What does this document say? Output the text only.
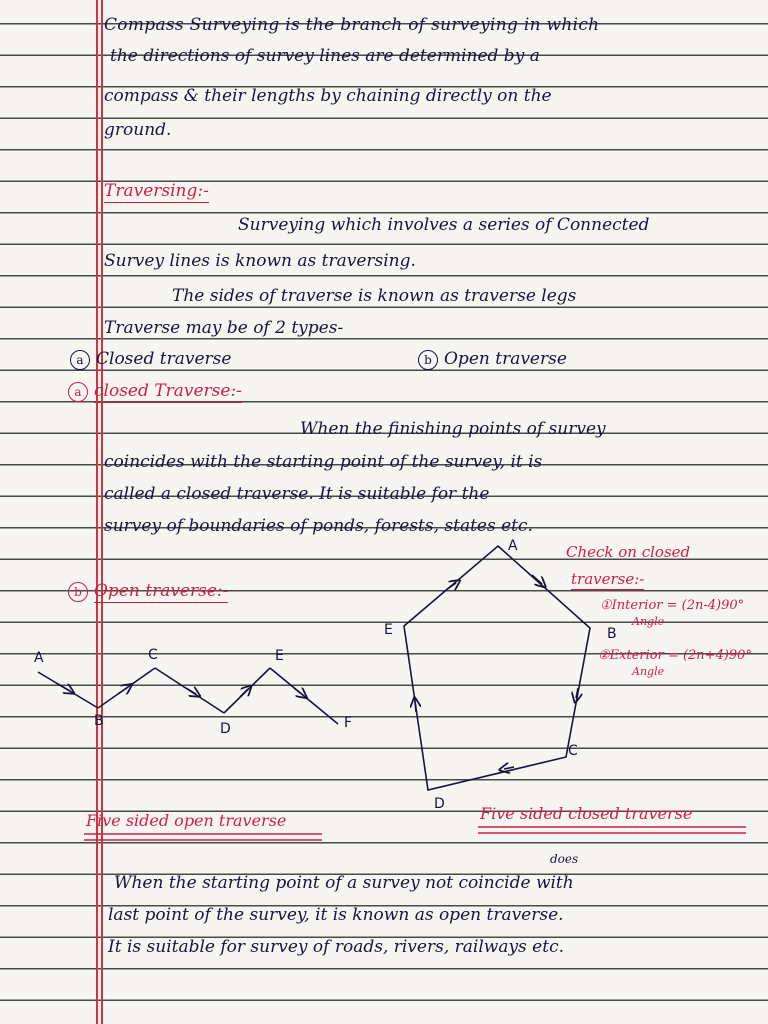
Compass Surveying is the branch of surveying in which
the directions of survey lines are determined by a
compass & their lengths by chaining directly on the
ground.
Traversing:-
Surveying which involves a series of Connected
Survey lines is known as traversing.
The sides of traverse is known as traverse legs
Traverse may be of 2 types-
a Closed traverse	b Open traverse
a closed Traverse:-
When the finishing points of survey
coincides with the starting point of the survey, it is
called a closed traverse. It is suitable for the
survey of boundaries of ponds, forests, states etc.
Check on closed
traverse:-
①Interior = (2n-4)90°
Angle
②Exterior = (2n+4)90°
Angle
b Open traverse:-
A
B
C
D
E
F
A
B
C
D
E
Five sided open traverse	Five sided closed traverse
does
When the starting point of a survey not coincide with
last point of the survey, it is known as open traverse.
It is suitable for survey of roads, rivers, railways etc.
